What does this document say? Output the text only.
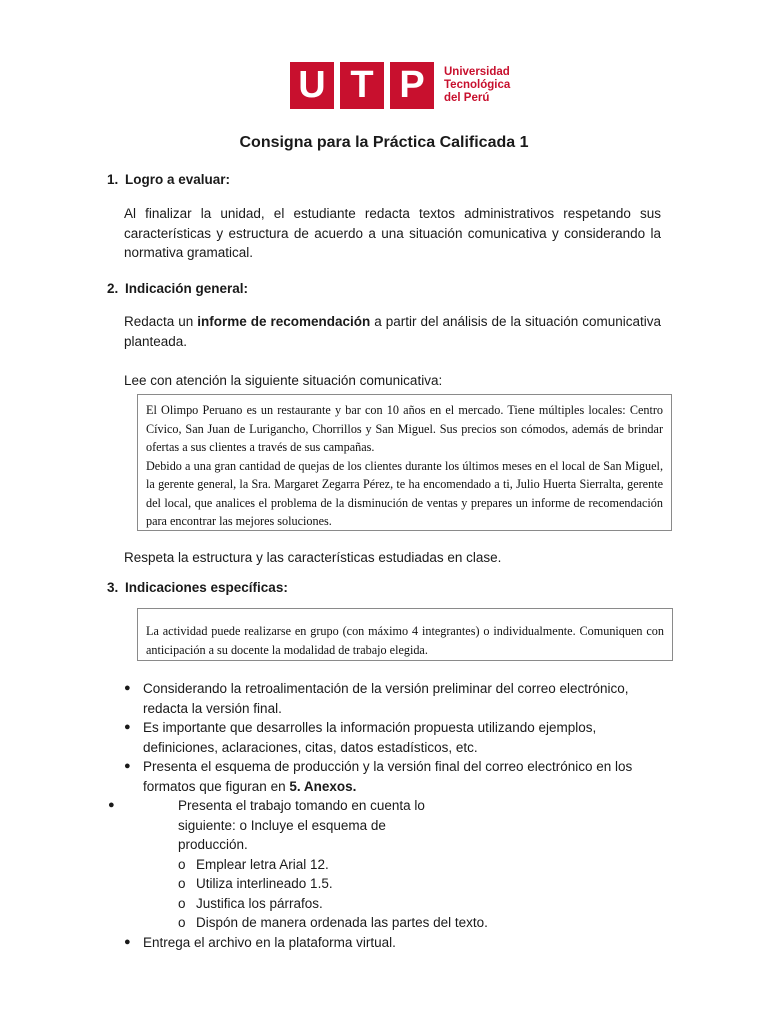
U T P	Universidad
Tecnológica
del Perú
Consigna para la Práctica Calificada 1
1. Logro a evaluar:
Al finalizar la unidad, el estudiante redacta textos administrativos respetando sus características y estructura de acuerdo a una situación comunicativa y considerando la normativa gramatical.
2. Indicación general:
Redacta un informe de recomendación a partir del análisis de la situación comunicativa planteada.
Lee con atención la siguiente situación comunicativa:
El Olimpo Peruano es un restaurante y bar con 10 años en el mercado. Tiene múltiples locales: Centro Cívico, San Juan de Lurigancho, Chorrillos y San Miguel. Sus precios son cómodos, además de brindar ofertas a sus clientes a través de sus campañas.
Debido a una gran cantidad de quejas de los clientes durante los últimos meses en el local de San Miguel, la gerente general, la Sra. Margaret Zegarra Pérez, te ha encomendado a ti, Julio Huerta Sierralta, gerente del local, que analices el problema de la disminución de ventas y prepares un informe de recomendación para encontrar las mejores soluciones.
Respeta la estructura y las características estudiadas en clase.
3. Indicaciones específicas:
La actividad puede realizarse en grupo (con máximo 4 integrantes) o individualmente. Comuniquen con anticipación a su docente la modalidad de trabajo elegida.
● Considerando la retroalimentación de la versión preliminar del correo electrónico, redacta la versión final.
● Es importante que desarrolles la información propuesta utilizando ejemplos, definiciones, aclaraciones, citas, datos estadísticos, etc.
● Presenta el esquema de producción y la versión final del correo electrónico en los formatos que figuran en 5. Anexos.
●	Presenta el trabajo tomando en cuenta lo
siguiente: o Incluye el esquema de
producción.
o Emplear letra Arial 12.
o Utiliza interlineado 1.5.
o Justifica los párrafos.
o Dispón de manera ordenada las partes del texto.
● Entrega el archivo en la plataforma virtual.
